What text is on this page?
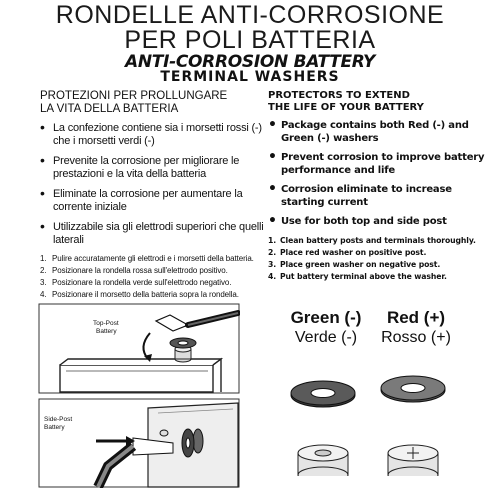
RONDELLE ANTI-CORROSIONE
PER POLI BATTERIA
ANTI-CORROSION BATTERY
TERMINAL WASHERS
PROTEZIONI PER PROLLUNGARE
LA VITA DELLA BATTERIA
• La confezione contiene sia i morsetti rossi (-) che i morsetti verdi (-)
• Prevenite la corrosione per migliorare le prestazioni e la vita della batteria
• Eliminate la corrosione per aumentare la corrente iniziale
• Utilizzabile sia gli elettrodi superiori che quelli laterali
1. Pulire accuratamente gli elettrodi e i morsetti della batteria.
2. Posizionare la rondella rossa sull'elettrodo positivo.
3. Posizionare la rondella verde sull'elettrodo negativo.
4. Posizionare il morsetto della batteria sopra la rondella.
PROTECTORS TO EXTEND
THE LIFE OF YOUR BATTERY
• Package contains both Red (-) and Green (-) washers
• Prevent corrosion to improve battery performance and life
• Corrosion eliminate to increase starting current
• Use for both top and side post
1. Clean battery posts and terminals thoroughly.
2. Place red washer on positive post.
3. Place green washer on negative post.
4. Put battery terminal above the washer.
Top-Post
Battery
Side-Post
Battery
Green (-)
Verde (-)
Red (+)
Rosso (+)
